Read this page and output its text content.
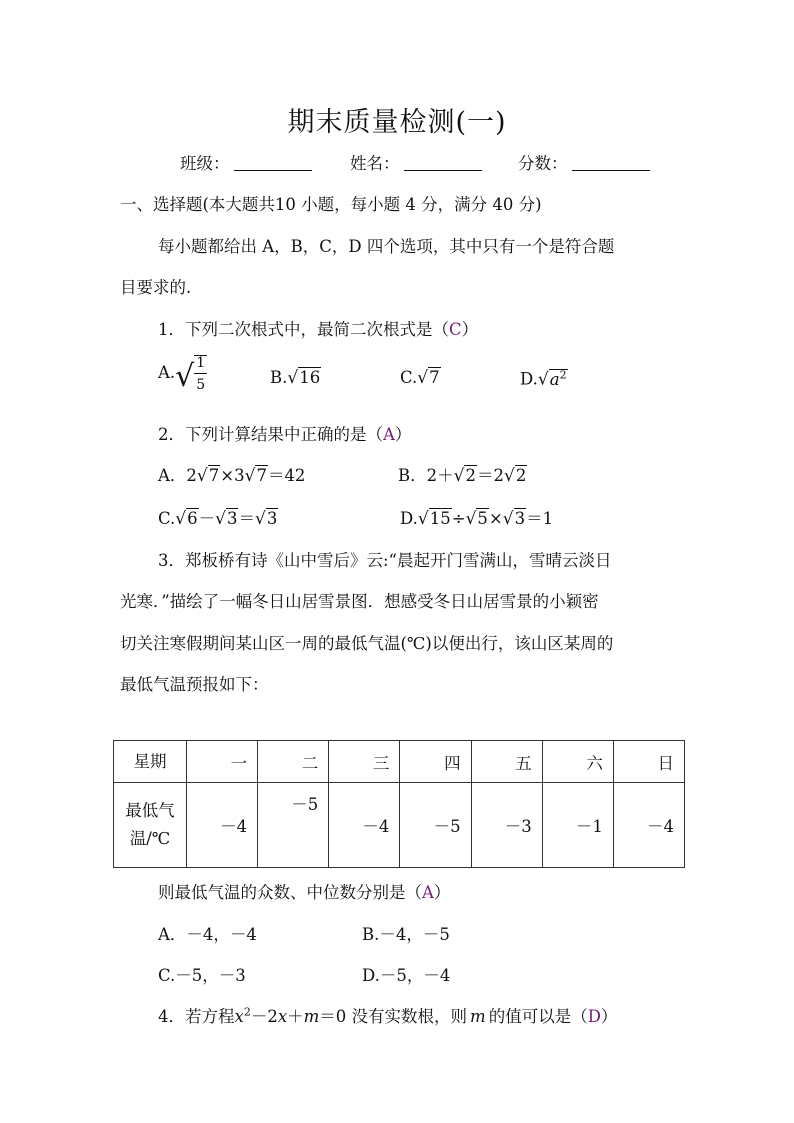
期末质量检测(一)
班级：	姓名：	分数：
一、选择题(本大题共10 小题，每小题 4 分，满分 40 分)
每小题都给出 A，B，C，D 四个选项，其中只有一个是符合题
目要求的.
1．下列二次根式中，最简二次根式是（C）
$A.√ \frac{1}{5}$	B.√16	C.√7	$D.√a^2$
2．下列计算结果中正确的是（A）
A．2√7×3√7＝42	B．2＋√2＝2√2
C.√6－√3＝√3	D.√15÷√5×√3＝1
3．郑板桥有诗《山中雪后》云:“晨起开门雪满山，雪晴云淡日
光寒．”描绘了一幅冬日山居雪景图．想感受冬日山居雪景的小颖密
切关注寒假期间某山区一周的最低气温(℃)以便出行，该山区某周的
最低气温预报如下：
星期	一	二	三	四	五	六	日

最低气
温/℃	－4	－5	－4	－5	－3	－1	－4
则最低气温的众数、中位数分别是（A）
A．－4，－4	B.－4，－5
C.－5，－3	D.－5，－4
4．若方程$x^2-2x+m=0$ 没有实数根，则 m 的值可以是（D）
